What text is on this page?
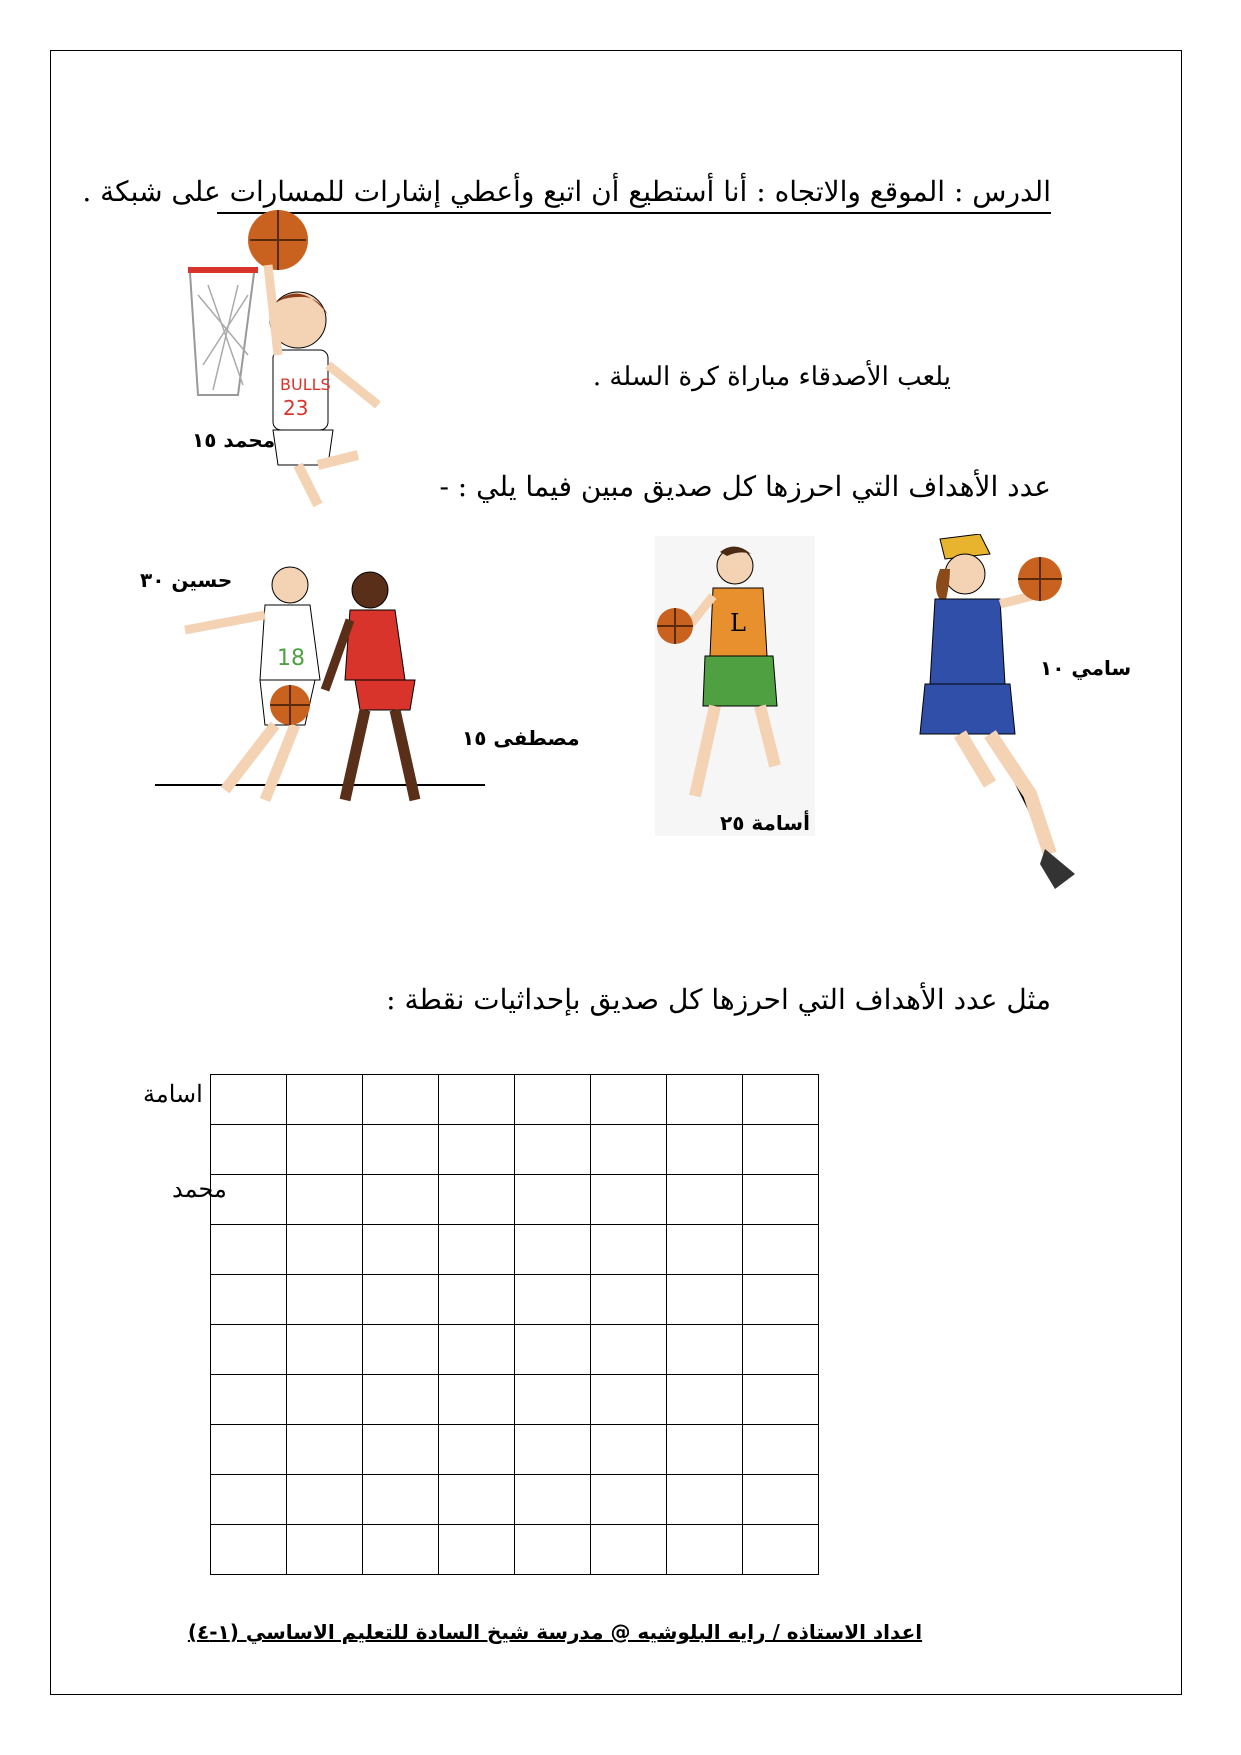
الدرس : الموقع والاتجاه : أنا أستطيع أن اتبع وأعطي إشارات للمسارات على شبكة .
يلعب الأصدقاء مباراة كرة السلة .
عدد الأهداف التي احرزها كل صديق مبين فيما يلي : -
BULLS
23
محمد ١٥
18
حسين ٣٠
مصطفى ١٥
L
أسامة ٢٥
سامي ١٠
مثل عدد الأهداف التي احرزها كل صديق بإحداثيات نقطة :
اسامة
محمد

اعداد الاستاذه / رايه البلوشيه @ مدرسة شيخ السادة للتعليم الاساسي (١-٤)
